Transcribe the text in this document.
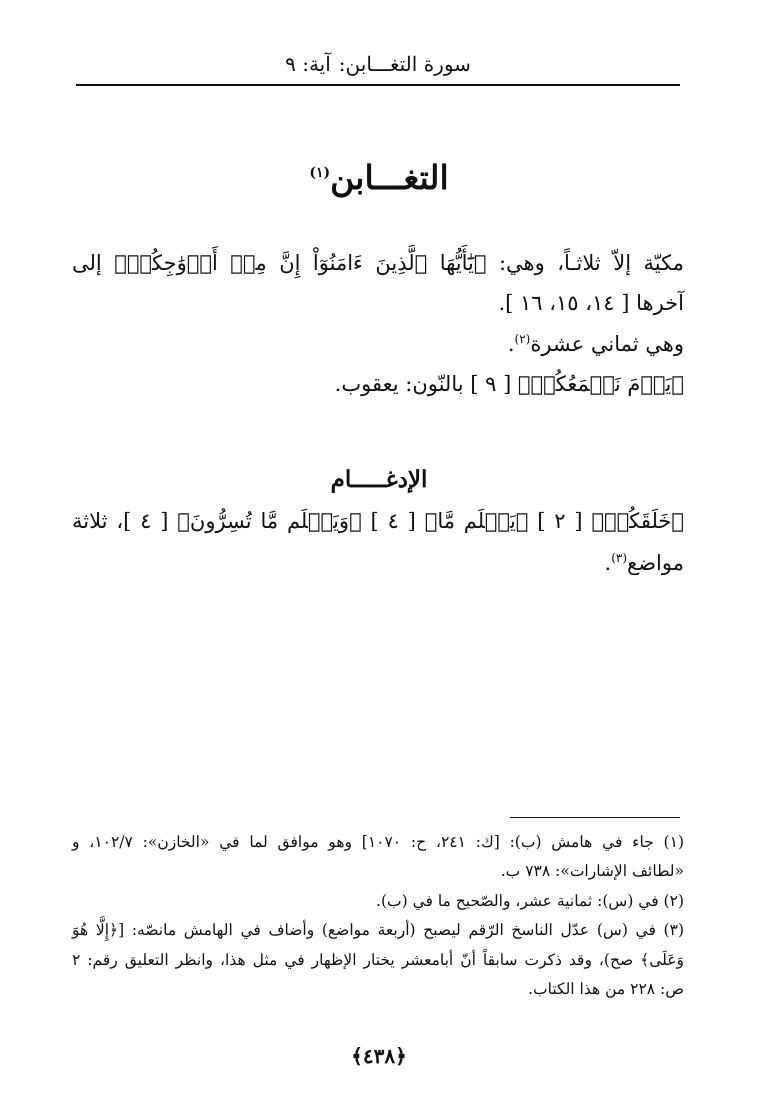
سورة التغـــابن:
آية: ٩
التغـــابن$^{(١)}$

مكيّة إلاّ ثلاثـاً، وهي: ﴿يَٰٓأَيُّهَا ٱلَّذِينَ ءَامَنُوٓاْ إِنَّ مِنۡ أَزۡوَٰجِكُمۡ﴾ إلى

آخرها [ ١٤، ١٥، ١٦ ].

وهي ثماني عشرة$^{(٢)}$.

﴿يَوۡمَ نَجۡمَعُكُمۡ﴾ [ ٩ ] بالنّون: يعقوب.

الإدغـــــام

﴿خَلَقَكُمۡ﴾ [ ٢ ] ﴿يَعۡلَم مَّا﴾ [ ٤ ] ﴿وَيَعۡلَم مَّا تُسِرُّونَ﴾ [ ٤ ]، ثلاثة

مواضع$^{(٣)}$.

(١) جاء في هامش (ب): [ك: ٢٤١، ح: ١٠٧٠] وهو موافق لما في «الخازن»: ١٠٢/٧، و

«لطائف الإشارات»: ٧٣٨ ب.

(٢) في (س): ثمانية عشر، والصّحيح ما في (ب).

(٣) في (س) عدّل الناسخ الرّقم ليصبح (أربعة مواضع) وأضاف في الهامش مانصّه: [﴿إِلَّا هُوَ

وَعَلَى﴾ صح)، وقد ذكرت سابقاً أنّ أبامعشر يختار الإظهار في مثل هذا، وانظر التعليق رقم: ٢

ص: ٢٢٨ من هذا الكتاب.

﴿٤٣٨﴾
